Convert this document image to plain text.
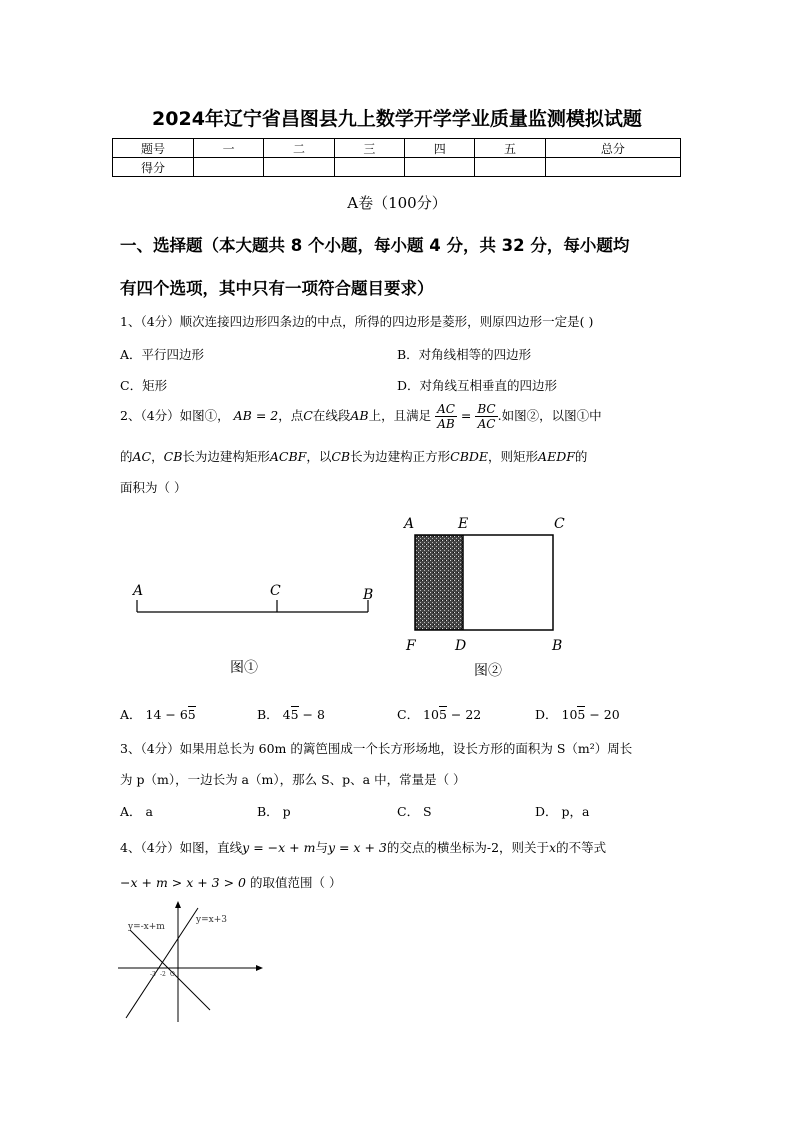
2024年辽宁省昌图县九上数学开学学业质量监测模拟试题
题号	一	二	三	四	五	总分
得分						
A卷（100分）
一、选择题（本大题共 8 个小题，每小题 4 分，共 32 分，每小题均
有四个选项，其中只有一项符合题目要求）
1、（4分）顺次连接四边形四条边的中点，所得的四边形是菱形，则原四边形一定是( )
A．平行四边形	B．对角线相等的四边形
C．矩形	D．对角线互相垂直的四边形
2、（4分）如图①， AB = 2，点C在线段AB上，且满足 $\frac{AC}{AB} = \frac{BC}{AC}$ .如图②，以图①中
的AC，CB长为边建构矩形ACBF，以CB长为边建构正方形CBDE，则矩形AEDF的
面积为（ ）
A	C	B
图①
A	E	C
F	D	B
图②
A． 14 − 65	B． 45 − 8	C． 105 − 22	D． 105 − 20
3、（4分）如果用总长为 60m 的篱笆围成一个长方形场地，设长方形的面积为 S（m²）周长
为 p（m），一边长为 a（m），那么 S、p、a 中，常量是（ ）
A． a	B． p	C． S	D． p，a
4、（4分）如图，直线y = −x + m与y = x + 3的交点的横坐标为-2，则关于x的不等式
−x + m > x + 3 > 0 的取值范围（ ）
y=-x+m
y=x+3
-3 -2 O
